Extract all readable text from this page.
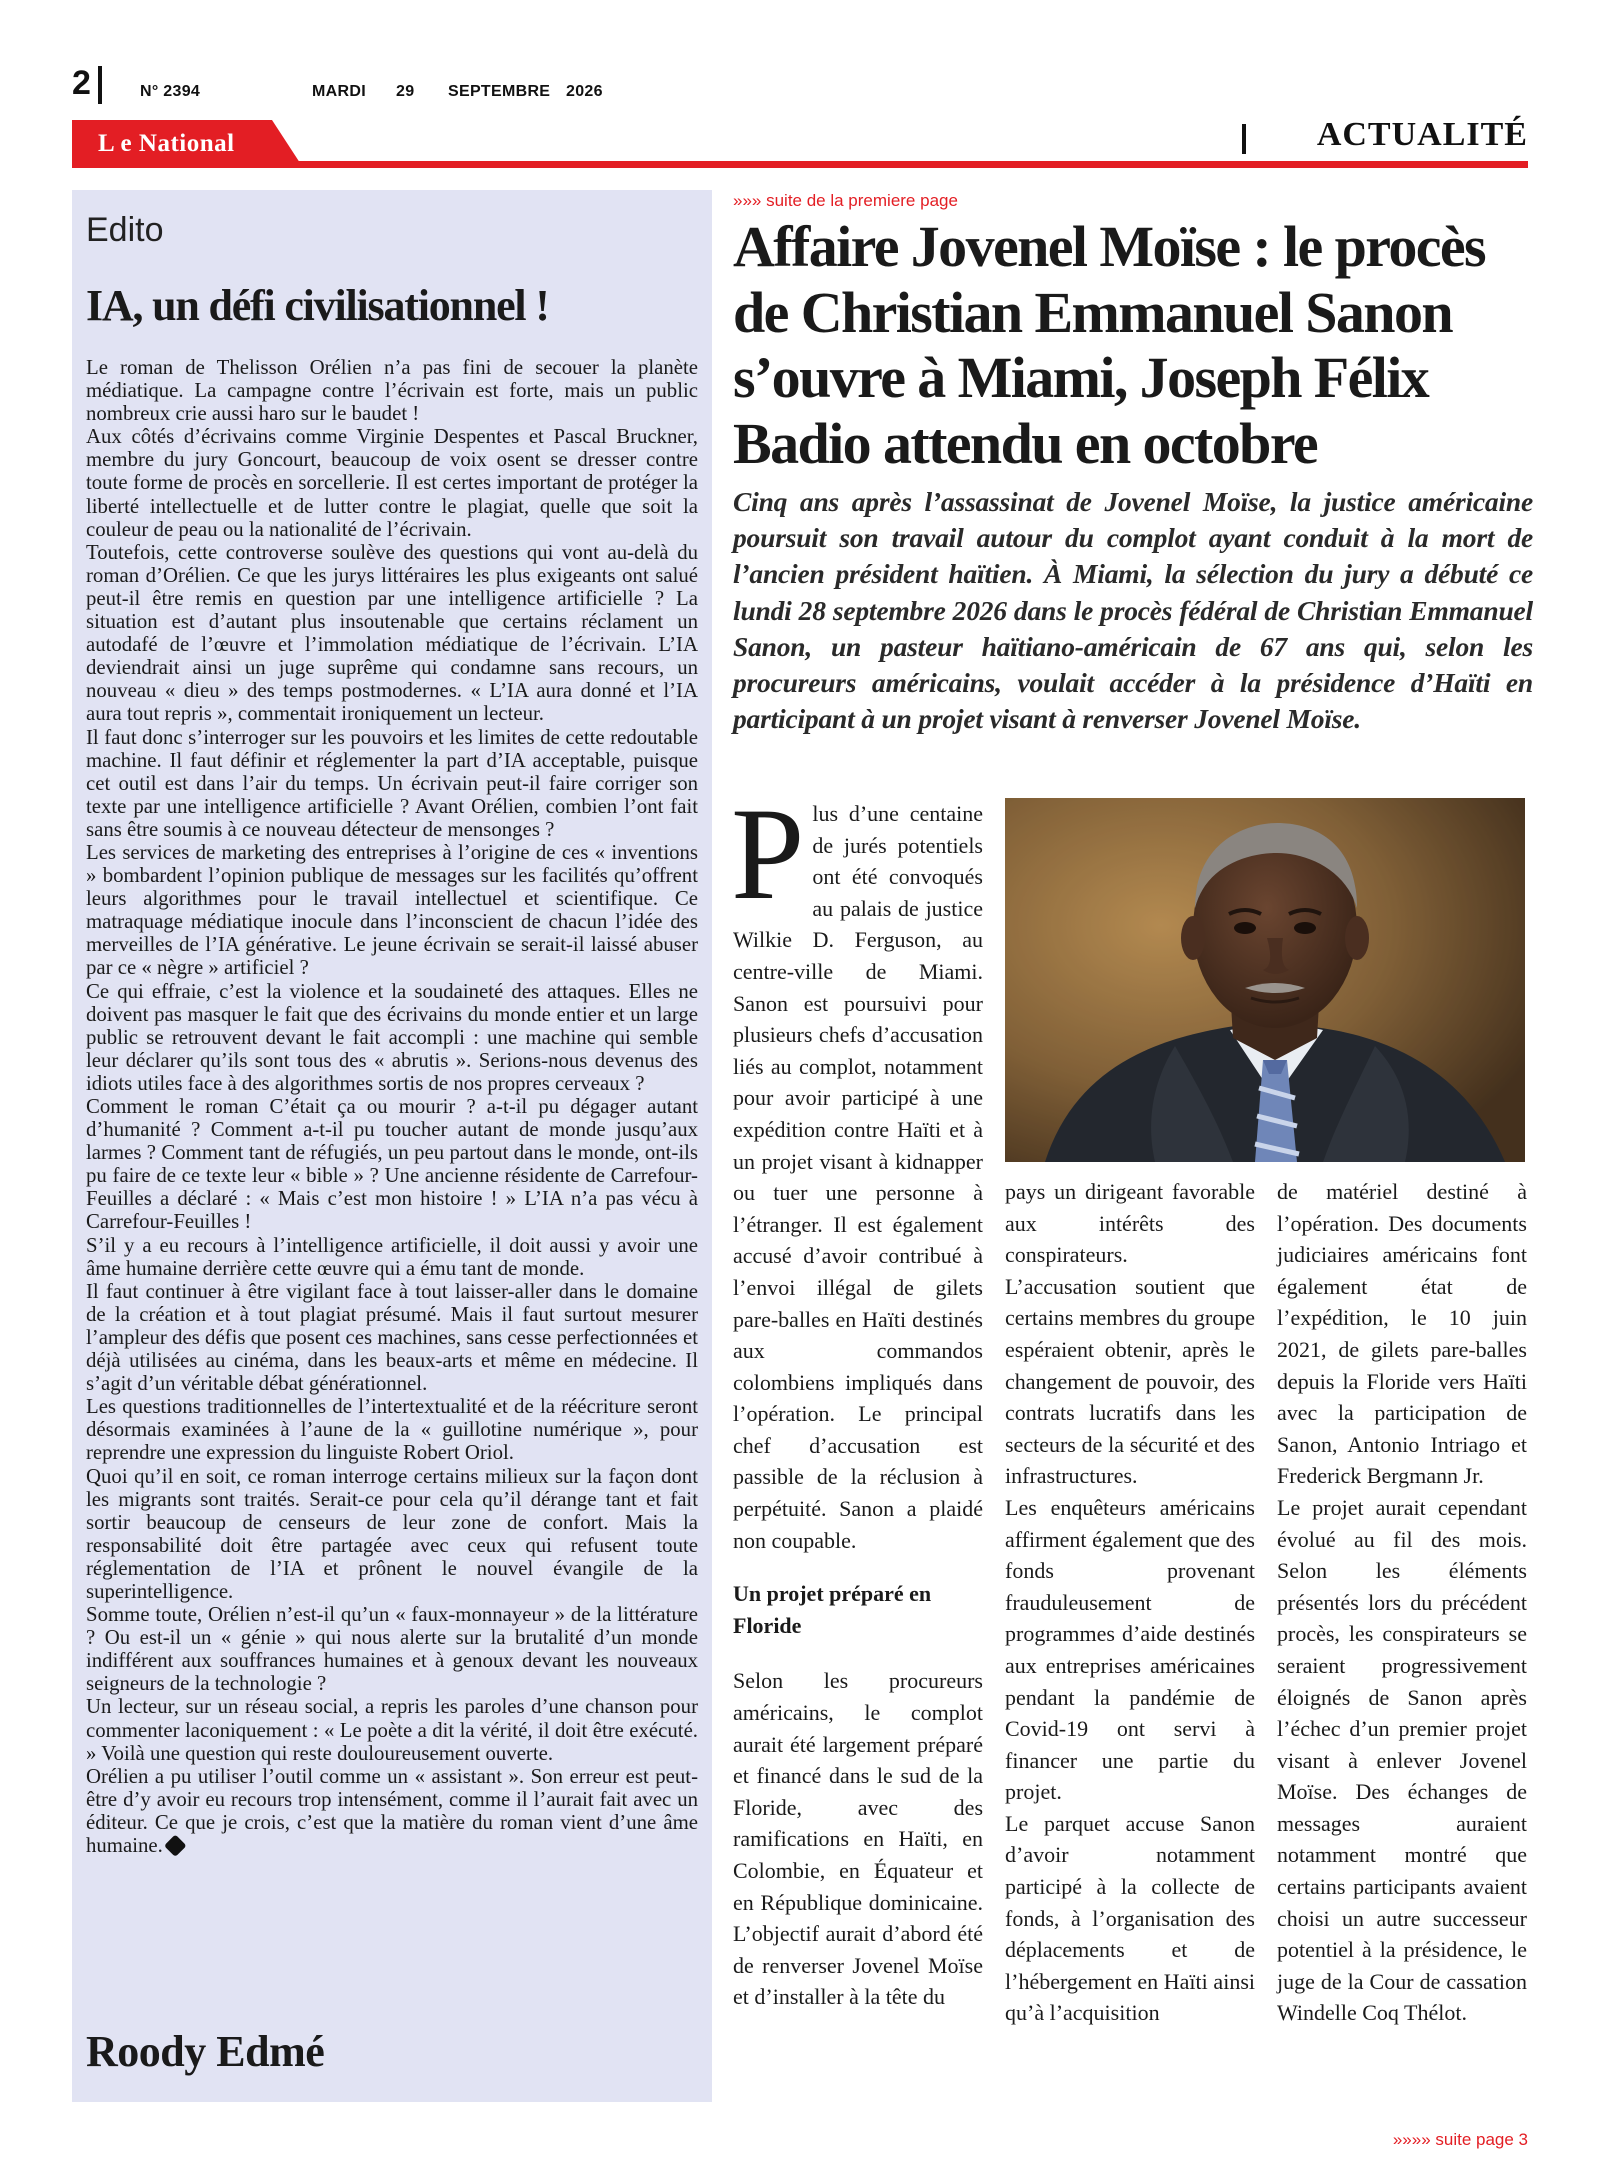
2	N° 2394	MARDI 29 SEPTEMBRE 2026
L e National	ACTUALITÉ
Edito
IA, un défi civilisationnel !

Le roman de Thelisson Orélien n’a pas fini de secouer la planète médiatique. La campagne contre l’écrivain est forte, mais un public nombreux crie aussi haro sur le baudet !

Aux côtés d’écrivains comme Virginie Despentes et Pascal Bruckner, membre du jury Goncourt, beaucoup de voix osent se dresser contre toute forme de procès en sorcellerie. Il est certes important de protéger la liberté intellectuelle et de lutter contre le plagiat, quelle que soit la couleur de peau ou la nationalité de l’écrivain.

Toutefois, cette controverse soulève des questions qui vont au-delà du roman d’Orélien. Ce que les jurys littéraires les plus exigeants ont salué peut-il être remis en question par une intelligence artificielle ? La situation est d’autant plus insoutenable que certains réclament un autodafé de l’œuvre et l’immolation médiatique de l’écrivain. L’IA deviendrait ainsi un juge suprême qui condamne sans recours, un nouveau « dieu » des temps postmodernes. « L’IA aura donné et l’IA aura tout repris », commentait ironiquement un lecteur.

Il faut donc s’interroger sur les pouvoirs et les limites de cette redoutable machine. Il faut définir et réglementer la part d’IA acceptable, puisque cet outil est dans l’air du temps. Un écrivain peut-il faire corriger son texte par une intelligence artificielle ? Avant Orélien, combien l’ont fait sans être soumis à ce nouveau détecteur de mensonges ?

Les services de marketing des entreprises à l’origine de ces « inventions » bombardent l’opinion publique de messages sur les facilités qu’offrent leurs algorithmes pour le travail intellectuel et scientifique. Ce matraquage médiatique inocule dans l’inconscient de chacun l’idée des merveilles de l’IA générative. Le jeune écrivain se serait-il laissé abuser par ce « nègre » artificiel ?

Ce qui effraie, c’est la violence et la soudaineté des attaques. Elles ne doivent pas masquer le fait que des écrivains du monde entier et un large public se retrouvent devant le fait accompli : une machine qui semble leur déclarer qu’ils sont tous des « abrutis ». Serions-nous devenus des idiots utiles face à des algorithmes sortis de nos propres cerveaux ?

Comment le roman C’était ça ou mourir ? a-t-il pu dégager autant d’humanité ? Comment a-t-il pu toucher autant de monde jusqu’aux larmes ? Comment tant de réfugiés, un peu partout dans le monde, ont-ils pu faire de ce texte leur « bible » ? Une ancienne résidente de Carrefour-Feuilles a déclaré : « Mais c’est mon histoire ! » L’IA n’a pas vécu à Carrefour-Feuilles !

S’il y a eu recours à l’intelligence artificielle, il doit aussi y avoir une âme humaine derrière cette œuvre qui a ému tant de monde.

Il faut continuer à être vigilant face à tout laisser-aller dans le domaine de la création et à tout plagiat présumé. Mais il faut surtout mesurer l’ampleur des défis que posent ces machines, sans cesse perfectionnées et déjà utilisées au cinéma, dans les beaux-arts et même en médecine. Il s’agit d’un véritable débat générationnel.

Les questions traditionnelles de l’intertextualité et de la réécriture seront désormais examinées à l’aune de la « guillotine numérique », pour reprendre une expression du linguiste Robert Oriol.

Quoi qu’il en soit, ce roman interroge certains milieux sur la façon dont les migrants sont traités. Serait-ce pour cela qu’il dérange tant et fait sortir beaucoup de censeurs de leur zone de confort. Mais la responsabilité doit être partagée avec ceux qui refusent toute réglementation de l’IA et prônent le nouvel évangile de la superintelligence.

Somme toute, Orélien n’est-il qu’un « faux-monnayeur » de la littérature ? Ou est-il un « génie » qui nous alerte sur la brutalité d’un monde indifférent aux souffrances humaines et à genoux devant les nouveaux seigneurs de la technologie ?

Un lecteur, sur un réseau social, a repris les paroles d’une chanson pour commenter laconiquement : « Le poète a dit la vérité, il doit être exécuté. » Voilà une question qui reste douloureusement ouverte.

Orélien a pu utiliser l’outil comme un « assistant ». Son erreur est peut-être d’y avoir eu recours trop intensément, comme il l’aurait fait avec un éditeur. Ce que je crois, c’est que la matière du roman vient d’une âme humaine.

Roody Edmé
»»» suite de la premiere page
Affaire Jovenel Moïse : le procès de Christian Emmanuel Sanon s’ouvre à Miami, Joseph Félix Badio attendu en octobre

Cinq ans après l’assassinat de Jovenel Moïse, la justice américaine poursuit son travail autour du complot ayant conduit à la mort de l’ancien président haïtien. À Miami, la sélection du jury a débuté ce lundi 28 septembre 2026 dans le procès fédéral de Christian Emmanuel Sanon, un pasteur haïtiano-américain de 67 ans qui, selon les procureurs américains, voulait accéder à la présidence d’Haïti en participant à un projet visant à renverser Jovenel Moïse.

Plus d’une centaine de jurés potentiels ont été convoqués au palais de justice Wilkie D. Ferguson, au centre-ville de Miami. Sanon est poursuivi pour plusieurs chefs d’accusation liés au complot, notamment pour avoir participé à une expédition contre Haïti et à un projet visant à kidnapper ou tuer une personne à l’étranger. Il est également accusé d’avoir contribué à l’envoi illégal de gilets pare-balles en Haïti destinés aux commandos colombiens impliqués dans l’opération. Le principal chef d’accusation est passible de la réclusion à perpétuité. Sanon a plaidé non coupable.

Un projet préparé en Floride

Selon les procureurs américains, le complot aurait été largement préparé et financé dans le sud de la Floride, avec des ramifications en Haïti, en Colombie, en Équateur et en République dominicaine. L’objectif aurait d’abord été de renverser Jovenel Moïse et d’installer à la tête du

pays un dirigeant favorable aux intérêts des conspirateurs.

L’accusation soutient que certains membres du groupe espéraient obtenir, après le changement de pouvoir, des contrats lucratifs dans les secteurs de la sécurité et des infrastructures.

Les enquêteurs américains affirment également que des fonds provenant frauduleusement de programmes d’aide destinés aux entreprises américaines pendant la pandémie de Covid-19 ont servi à financer une partie du projet.

Le parquet accuse Sanon d’avoir notamment participé à la collecte de fonds, à l’organisation des déplacements et de l’hébergement en Haïti ainsi qu’à l’acquisition

de matériel destiné à l’opération. Des documents judiciaires américains font également état de l’expédition, le 10 juin 2021, de gilets pare-balles depuis la Floride vers Haïti avec la participation de Sanon, Antonio Intriago et Frederick Bergmann Jr.

Le projet aurait cependant évolué au fil des mois. Selon les éléments présentés lors du précédent procès, les conspirateurs se seraient progressivement éloignés de Sanon après l’échec d’un premier projet visant à enlever Jovenel Moïse. Des échanges de messages auraient notamment montré que certains participants avaient choisi un autre successeur potentiel à la présidence, le juge de la Cour de cassation Windelle Coq Thélot.

»»»» suite page 3
